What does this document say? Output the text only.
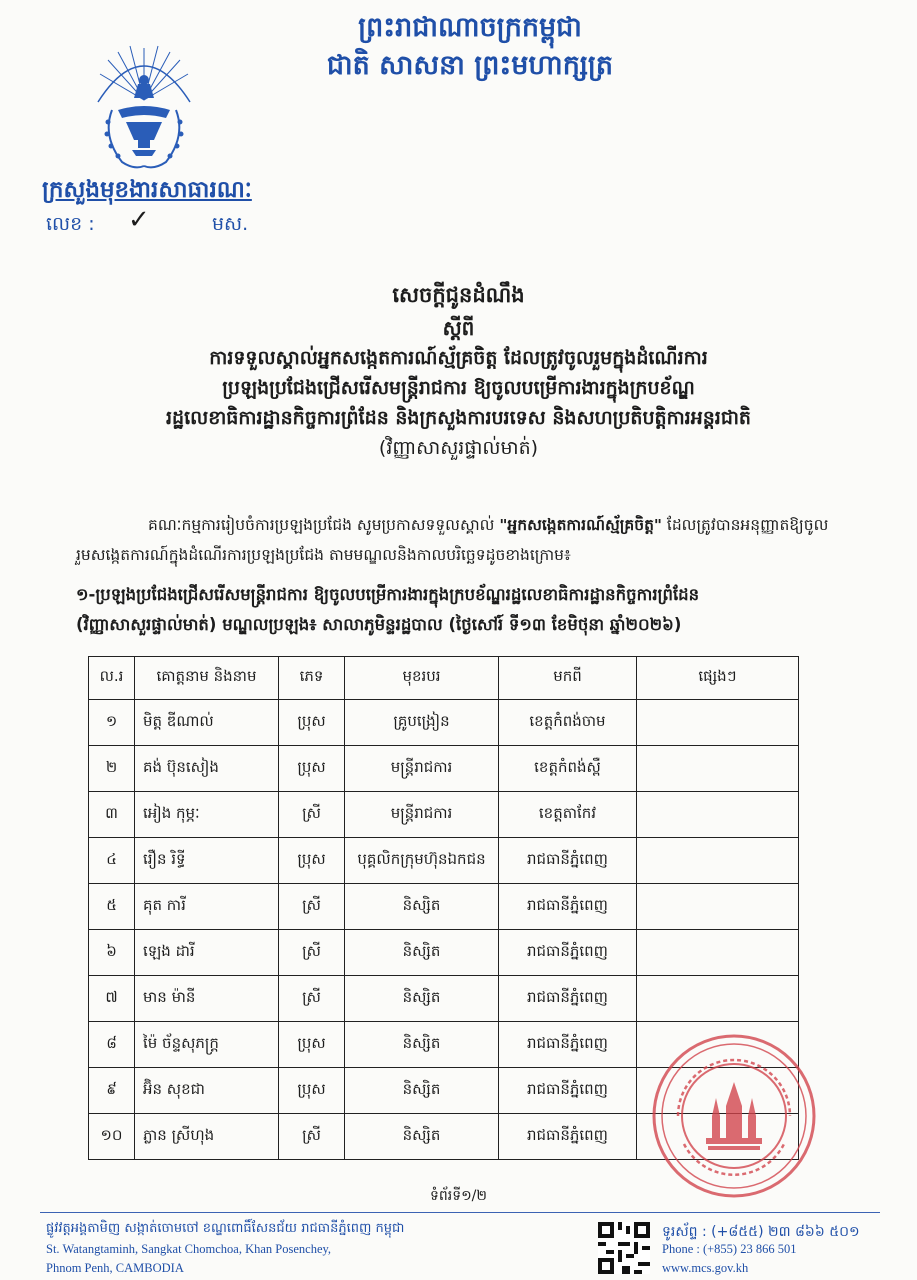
ព្រះរាជាណាចក្រកម្ពុជា
ជាតិ សាសនា ព្រះមហាក្សត្រ
ក្រសួងមុខងារសាធារណៈ
លេខ : ✓	មស.
សេចក្តីជូនដំណឹង
ស្តីពី
ការទទួលស្គាល់អ្នកសង្កេតការណ៍ស្ម័គ្រចិត្ត ដែលត្រូវចូលរួមក្នុងដំណើរការ
ប្រឡងប្រជែងជ្រើសរើសមន្ត្រីរាជការ ឱ្យចូលបម្រើការងារក្នុងក្របខ័ណ្ឌ
រដ្ឋលេខាធិការដ្ឋានកិច្ចការព្រំដែន និងក្រសួងការបរទេស និងសហប្រតិបត្តិការអន្តរជាតិ
(វិញ្ញាសាសួរផ្ទាល់មាត់)
គណៈកម្មការរៀបចំការប្រឡងប្រជែង សូមប្រកាសទទួលស្គាល់ "អ្នកសង្កេតការណ៍ស្ម័គ្រចិត្ត" ដែលត្រូវបានអនុញ្ញាតឱ្យចូលរួមសង្កេតការណ៍ក្នុងដំណើរការប្រឡងប្រជែង តាមមណ្ឌលនិងកាលបរិច្ឆេទដូចខាងក្រោម៖
១-ប្រឡងប្រជែងជ្រើសរើសមន្ត្រីរាជការ ឱ្យចូលបម្រើការងារក្នុងក្របខ័ណ្ឌរដ្ឋលេខាធិការដ្ឋានកិច្ចការព្រំដែន
(វិញ្ញាសាសួរផ្ទាល់មាត់) មណ្ឌលប្រឡង៖ សាលាភូមិន្ទរដ្ឋបាល (ថ្ងៃសៅរ៍ ទី១៣ ខែមិថុនា ឆ្នាំ២០២៦)
ល.រ	គោត្តនាម និងនាម	ភេទ	មុខរបរ	មកពី	ផ្សេងៗ
១	មិត្ត ឌីណាល់	ប្រុស	គ្រូបង្រៀន	ខេត្តកំពង់ចាម	
២	គង់ ប៊ុនសៀង	ប្រុស	មន្ត្រីរាជការ	ខេត្តកំពង់ស្ពឺ	
៣	អៀង កុម្ភៈ	ស្រី	មន្ត្រីរាជការ	ខេត្តតាកែវ	
៤	រឿន រិទ្ធី	ប្រុស	បុគ្គលិកក្រុមហ៊ុនឯកជន	រាជធានីភ្នំពេញ	
៥	គុត ការី	ស្រី	និស្សិត	រាជធានីភ្នំពេញ	
៦	ឡេង ដារី	ស្រី	និស្សិត	រាជធានីភ្នំពេញ	
៧	មាន ម៉ានី	ស្រី	និស្សិត	រាជធានីភ្នំពេញ	
៨	ម៉ៃ ច័ន្ទសុភក្ត្រ	ប្រុស	និស្សិត	រាជធានីភ្នំពេញ	
៩	អ៊ិន សុខជា	ប្រុស	និស្សិត	រាជធានីភ្នំពេញ	
១០	ភ្លាន ស្រីហុង	ស្រី	និស្សិត	រាជធានីភ្នំពេញ	
ទំព័រទី១/២
ផ្លូវវត្តអង្គតាមិញ សង្កាត់ចោមចៅ ខណ្ឌពោធិ៍សែនជ័យ រាជធានីភ្នំពេញ កម្ពុជា
St. Watangtaminh, Sangkat Chomchoa, Khan Posenchey,
Phnom Penh, CAMBODIA
ទូរស័ព្ទ : (+៨៥៥) ២៣ ៨៦៦ ៥០១
Phone : (+855) 23 866 501
www.mcs.gov.kh
